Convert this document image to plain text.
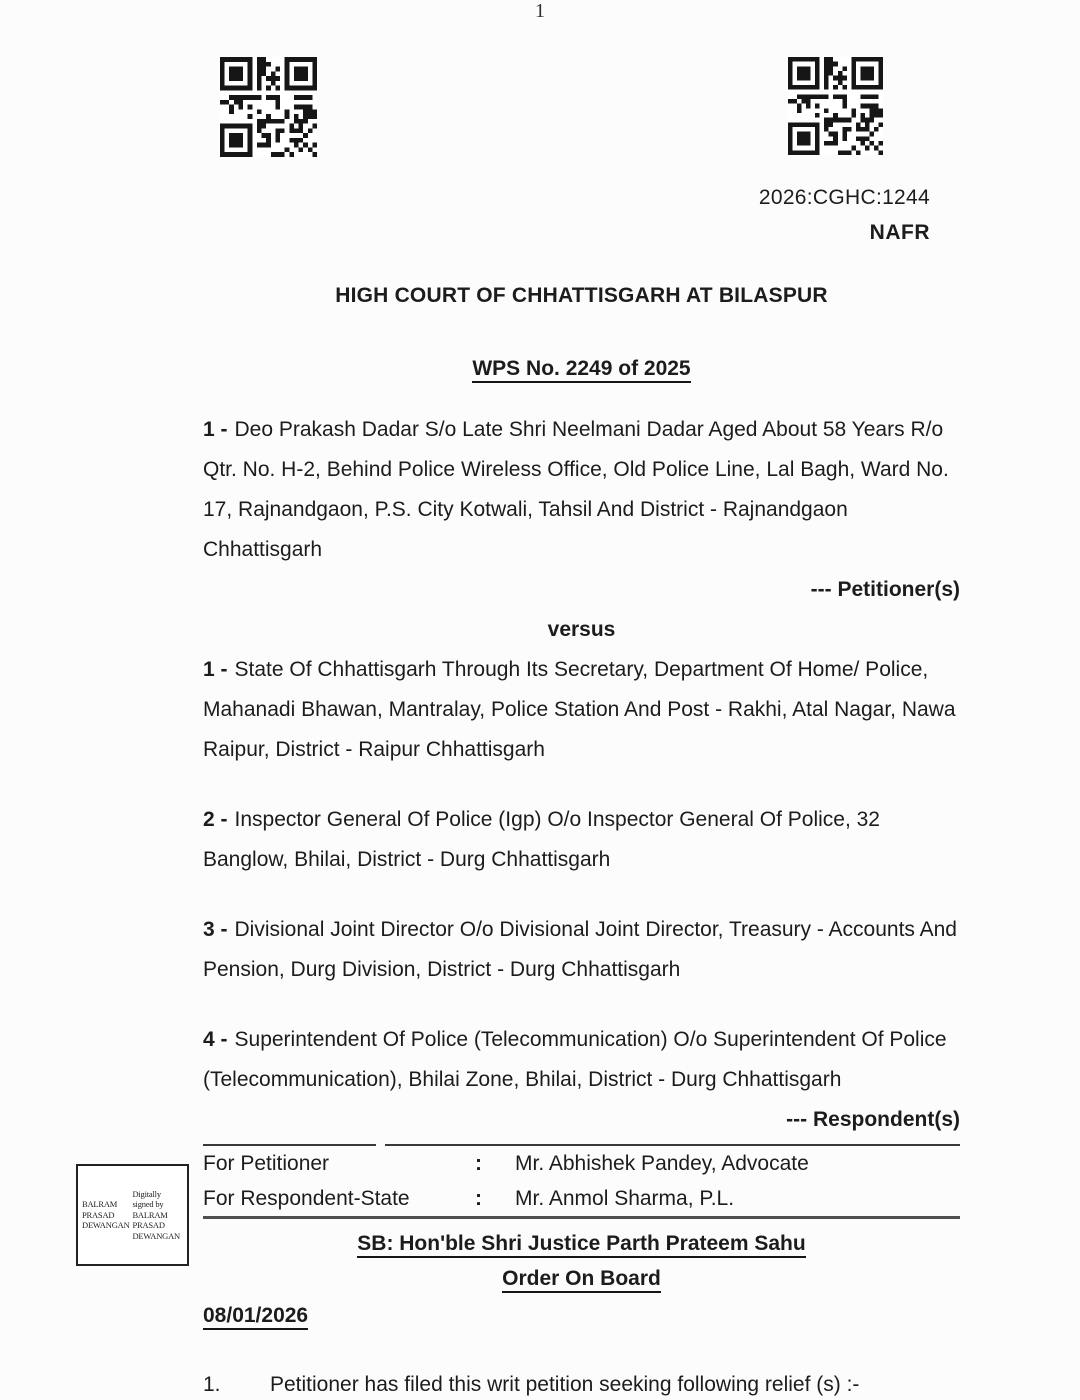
1
2026:CGHC:1244
NAFR
HIGH COURT OF CHHATTISGARH AT BILASPUR
WPS No. 2249 of 2025

1 - Deo Prakash Dadar S/o Late Shri Neelmani Dadar Aged About 58 Years R/o Qtr. No. H-2, Behind Police Wireless Office, Old Police Line, Lal Bagh, Ward No. 17, Rajnandgaon, P.S. City Kotwali, Tahsil And District - Rajnandgaon Chhattisgarh

--- Petitioner(s)
versus

1 - State Of Chhattisgarh Through Its Secretary, Department Of Home/ Police, Mahanadi Bhawan, Mantralay, Police Station And Post - Rakhi, Atal Nagar, Nawa Raipur, District - Raipur Chhattisgarh

2 - Inspector General Of Police (Igp) O/o Inspector General Of Police, 32 Banglow, Bhilai, District - Durg Chhattisgarh

3 - Divisional Joint Director O/o Divisional Joint Director, Treasury - Accounts And Pension, Durg Division, District - Durg Chhattisgarh

4 - Superintendent Of Police (Telecommunication) O/o Superintendent Of Police (Telecommunication), Bhilai Zone, Bhilai, District - Durg Chhattisgarh

--- Respondent(s)
For Petitioner	:	Mr. Abhishek Pandey, Advocate
For Respondent-State	:	Mr. Anmol Sharma, P.L.
SB: Hon'ble Shri Justice Parth Prateem Sahu
Order On Board
08/01/2026
1.	Petitioner has filed this writ petition seeking following relief (s) :-
BALRAM PRASAD DEWANGAN
Digitally signed by BALRAM PRASAD DEWANGAN
